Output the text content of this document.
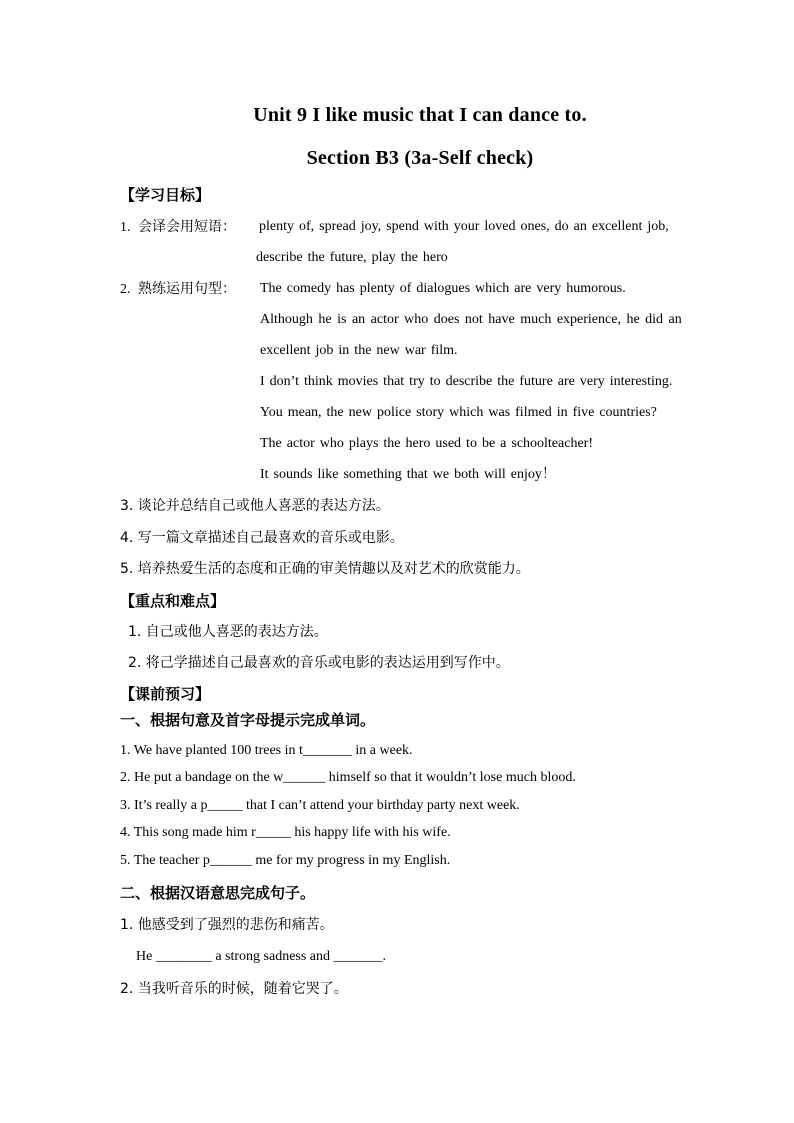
Unit 9 I like music that I can dance to.
Section B3 (3a-Self check)
【学习目标】
1. 会译会用短语： plenty of, spread joy, spend with your loved ones, do an excellent job,
describe the future, play the hero
2. 熟练运用句型： The comedy has plenty of dialogues which are very humorous.
Although he is an actor who does not have much experience, he did an
excellent job in the new war film.
I don’t think movies that try to describe the future are very interesting.
You mean, the new police story which was filmed in five countries?
The actor who plays the hero used to be a schoolteacher!
It sounds like something that we both will enjoy！
3. 谈论并总结自己或他人喜恶的表达方法。
4. 写一篇文章描述自己最喜欢的音乐或电影。
5. 培养热爱生活的态度和正确的审美情趣以及对艺术的欣赏能力。
【重点和难点】
1. 自己或他人喜恶的表达方法。
2. 将己学描述自己最喜欢的音乐或电影的表达运用到写作中。
【课前预习】
一、根据句意及首字母提示完成单词。
1. We have planted 100 trees in t_______ in a week.
2. He put a bandage on the w______ himself so that it wouldn’t lose much blood.
3. It’s really a p_____ that I can’t attend your birthday party next week.
4. This song made him r_____ his happy life with his wife.
5. The teacher p______ me for my progress in my English.
二、根据汉语意思完成句子。
1. 他感受到了强烈的悲伤和痛苦。
He ________ a strong sadness and _______.
2. 当我听音乐的时候，随着它哭了。
